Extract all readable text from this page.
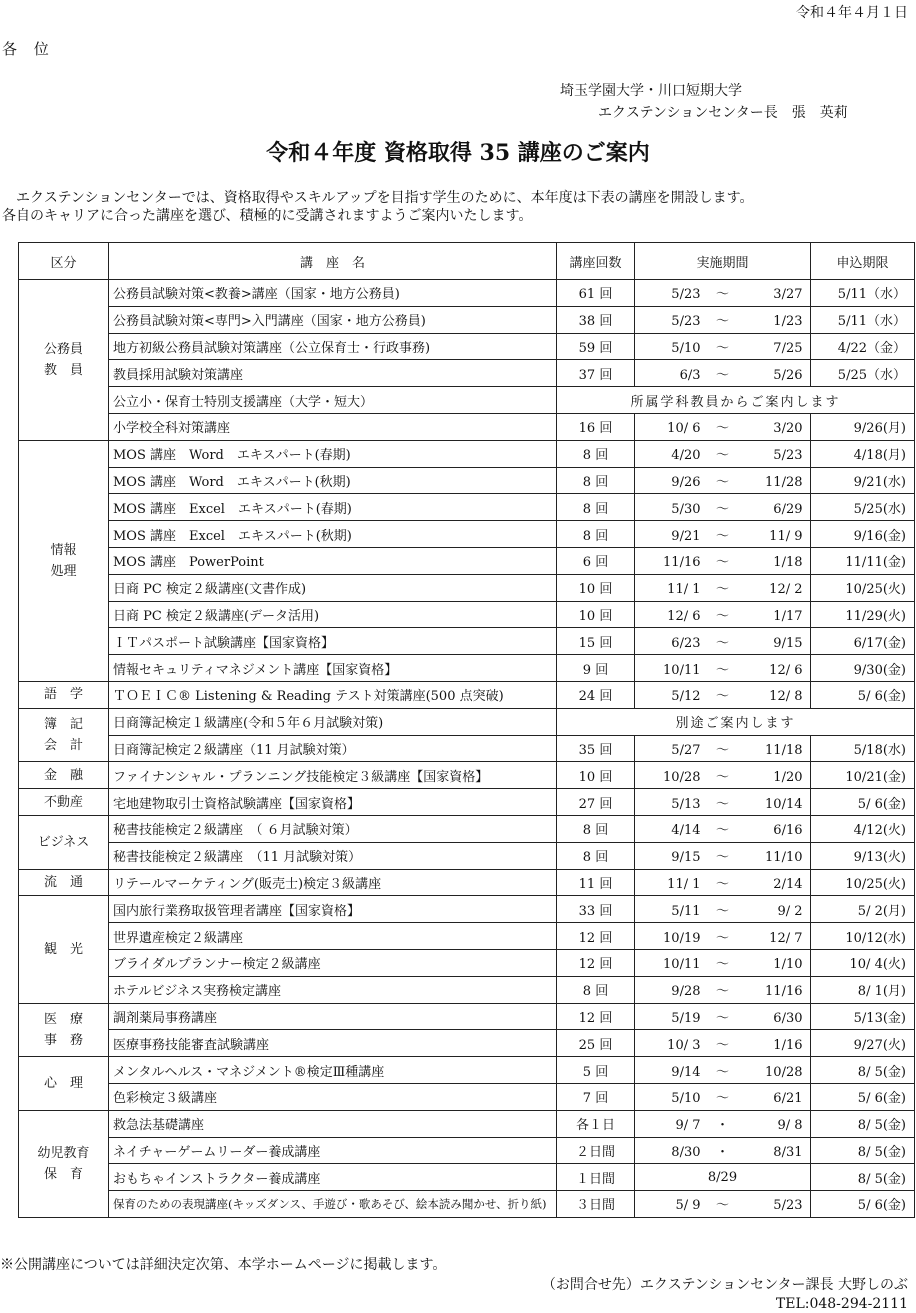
令和４年４月１日
各 位
埼玉学園大学・川口短期大学
エクステンションセンター長　張　英莉
令和４年度 資格取得 35 講座のご案内
　エクステンションセンターでは、資格取得やスキルアップを目指す学生のために、本年度は下表の講座を開設します。
各自のキャリアに合った講座を選び、積極的に受講されますようご案内いたします。
区分	講　座　名	講座回数	実施期間	申込期限

公務員
教　員	公務員試験対策<教養>講座（国家・地方公務員)	61 回	5/23 ～ 3/27	5/11（水）
	公務員試験対策<専門>入門講座（国家・地方公務員)	38 回	5/23 ～ 1/23	5/11（水）
	地方初級公務員試験対策講座（公立保育士・行政事務)	59 回	5/10 ～ 7/25	4/22（金）
	教員採用試験対策講座	37 回	6/3 ～ 5/26	5/25（水）
	公立小・保育士特別支援講座（大学・短大）	所属学科教員からご案内します		
	小学校全科対策講座	16 回	10/ 6 ～ 3/20	9/26(月)

情報
処理	MOS 講座　Word　エキスパート(春期)	8 回	4/20 ～ 5/23	4/18(月)
	MOS 講座　Word　エキスパート(秋期)	8 回	9/26 ～ 11/28	9/21(水)
	MOS 講座　Excel　エキスパート(春期)	8 回	5/30 ～ 6/29	5/25(水)
	MOS 講座　Excel　エキスパート(秋期)	8 回	9/21 ～ 11/ 9	9/16(金)
	MOS 講座　PowerPoint	6 回	11/16 ～ 1/18	11/11(金)
	日商 PC 検定２級講座(文書作成)	10 回	11/ 1 ～ 12/ 2	10/25(火)
	日商 PC 検定２級講座(データ活用)	10 回	12/ 6 ～ 1/17	11/29(火)
	ＩＴパスポート試験講座【国家資格】	15 回	6/23 ～ 9/15	6/17(金)
	情報セキュリティマネジメント講座【国家資格】	9 回	10/11 ～ 12/ 6	9/30(金)

語　学	ＴＯＥＩＣ® Listening & Reading テスト対策講座(500 点突破)	24 回	5/12 ～ 12/ 8	5/ 6(金)

簿　記
会　計	日商簿記検定１級講座(令和５年６月試験対策)	別途ご案内します		
	日商簿記検定２級講座（11 月試験対策）	35 回	5/27 ～ 11/18	5/18(水)

金　融	ファイナンシャル・プランニング技能検定３級講座【国家資格】	10 回	10/28 ～ 1/20	10/21(金)

不動産	宅地建物取引士資格試験講座【国家資格】	27 回	5/13 ～ 10/14	5/ 6(金)

ビジネス	秘書技能検定２級講座　（ ６月試験対策）	8 回	4/14 ～ 6/16	4/12(火)
	秘書技能検定２級講座　（11 月試験対策）	8 回	9/15 ～ 11/10	9/13(火)

流　通	リテールマーケティング(販売士)検定３級講座	11 回	11/ 1 ～ 2/14	10/25(火)

観　光	国内旅行業務取扱管理者講座【国家資格】	33 回	5/11 ～ 9/ 2	5/ 2(月)
	世界遺産検定２級講座	12 回	10/19 ～ 12/ 7	10/12(水)
	ブライダルプランナー検定２級講座	12 回	10/11 ～ 1/10	10/ 4(火)
	ホテルビジネス実務検定講座	8 回	9/28 ～ 11/16	8/ 1(月)

医　療
事　務	調剤薬局事務講座	12 回	5/19 ～ 6/30	5/13(金)
	医療事務技能審査試験講座	25 回	10/ 3 ～ 1/16	9/27(火)

心　理	メンタルヘルス・マネジメント®検定Ⅲ種講座	5 回	9/14 ～ 10/28	8/ 5(金)
	色彩検定３級講座	7 回	5/10 ～ 6/21	5/ 6(金)

幼児教育
保　育	救急法基礎講座	各１日	9/ 7 ・ 9/ 8	8/ 5(金)
	ネイチャーゲームリーダー養成講座	２日間	8/30 ・ 8/31	8/ 5(金)
	おもちゃインストラクター養成講座	１日間	8/29	8/ 5(金)
	保育のための表現講座(キッズダンス、手遊び・歌あそび、絵本読み聞かせ、折り紙)	３日間	5/ 9 ～ 5/23	5/ 6(金)
※公開講座については詳細決定次第、本学ホームページに掲載します。
（お問合せ先）エクステンションセンター課長 大野しのぶ
TEL:048-294-2111
